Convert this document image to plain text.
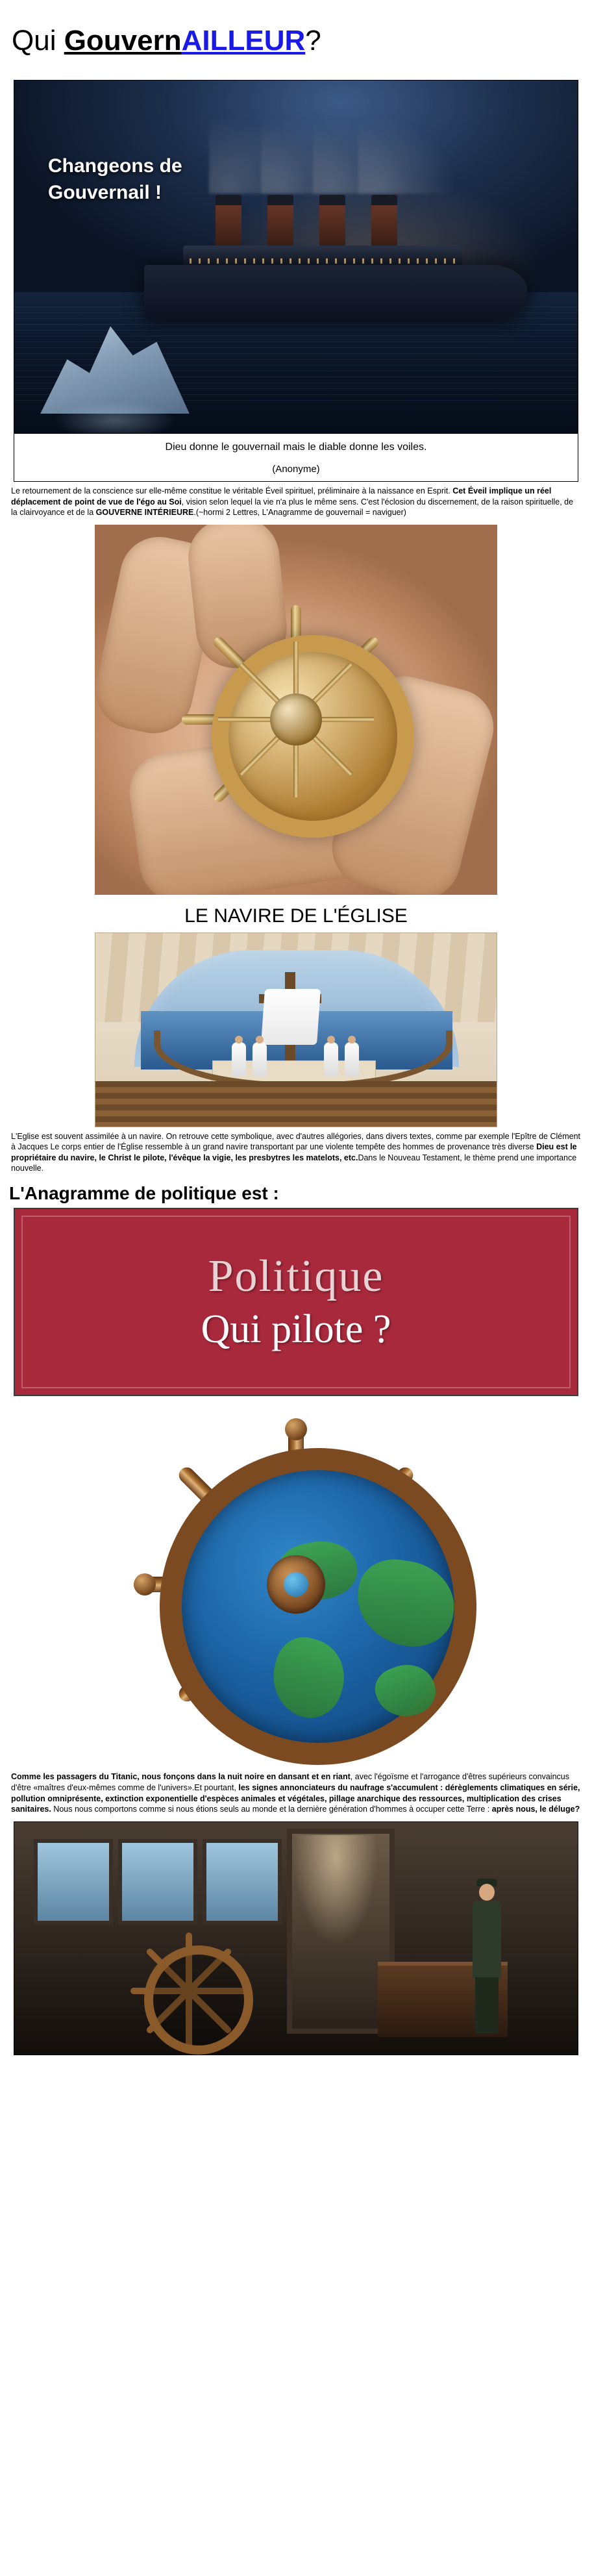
Qui GouvernAILLEUR?
Changeons de
Gouvernail !
Dieu donne le gouvernail mais le diable donne les voiles.
(Anonyme)

Le retournement de la conscience sur elle-même constitue le véritable Éveil spirituel, préliminaire à la naissance en Esprit. Cet Éveil implique un réel déplacement de point de vue de l'égo au Soi, vision selon lequel la vie n'a plus le même sens. C'est l'éclosion du discernement, de la raison spirituelle, de la clairvoyance et de la GOUVERNE INTÉRIEURE.(~hormi 2 Lettres, L'Anagramme de gouvernail = naviguer)

LE NAVIRE DE L'ÉGLISE

L'Eglise est souvent assimilée à un navire. On retrouve cette symbolique, avec d'autres allégories, dans divers textes, comme par exemple l'Epître de Clément à Jacques Le corps entier de l'Église ressemble à un grand navire transportant par une violente tempête des hommes de provenance très diverse Dieu est le propriétaire du navire, le Christ le pilote, l'évêque la vigie, les presbytres les matelots, etc.Dans le Nouveau Testament, le thème prend une importance nouvelle.

L'Anagramme de politique est :
Politique
Qui pilote ?

Comme les passagers du Titanic, nous fonçons dans la nuit noire en dansant et en riant, avec l'égoïsme et l'arrogance d'êtres supérieurs convaincus d'être «maîtres d'eux-mêmes comme de l'univers».Et pourtant, les signes annonciateurs du naufrage s'accumulent : dérèglements climatiques en série, pollution omniprésente, extinction exponentielle d'espèces animales et végétales, pillage anarchique des ressources, multiplication des crises sanitaires. Nous nous comportons comme si nous étions seuls au monde et la dernière génération d'hommes à occuper cette Terre : après nous, le déluge?
